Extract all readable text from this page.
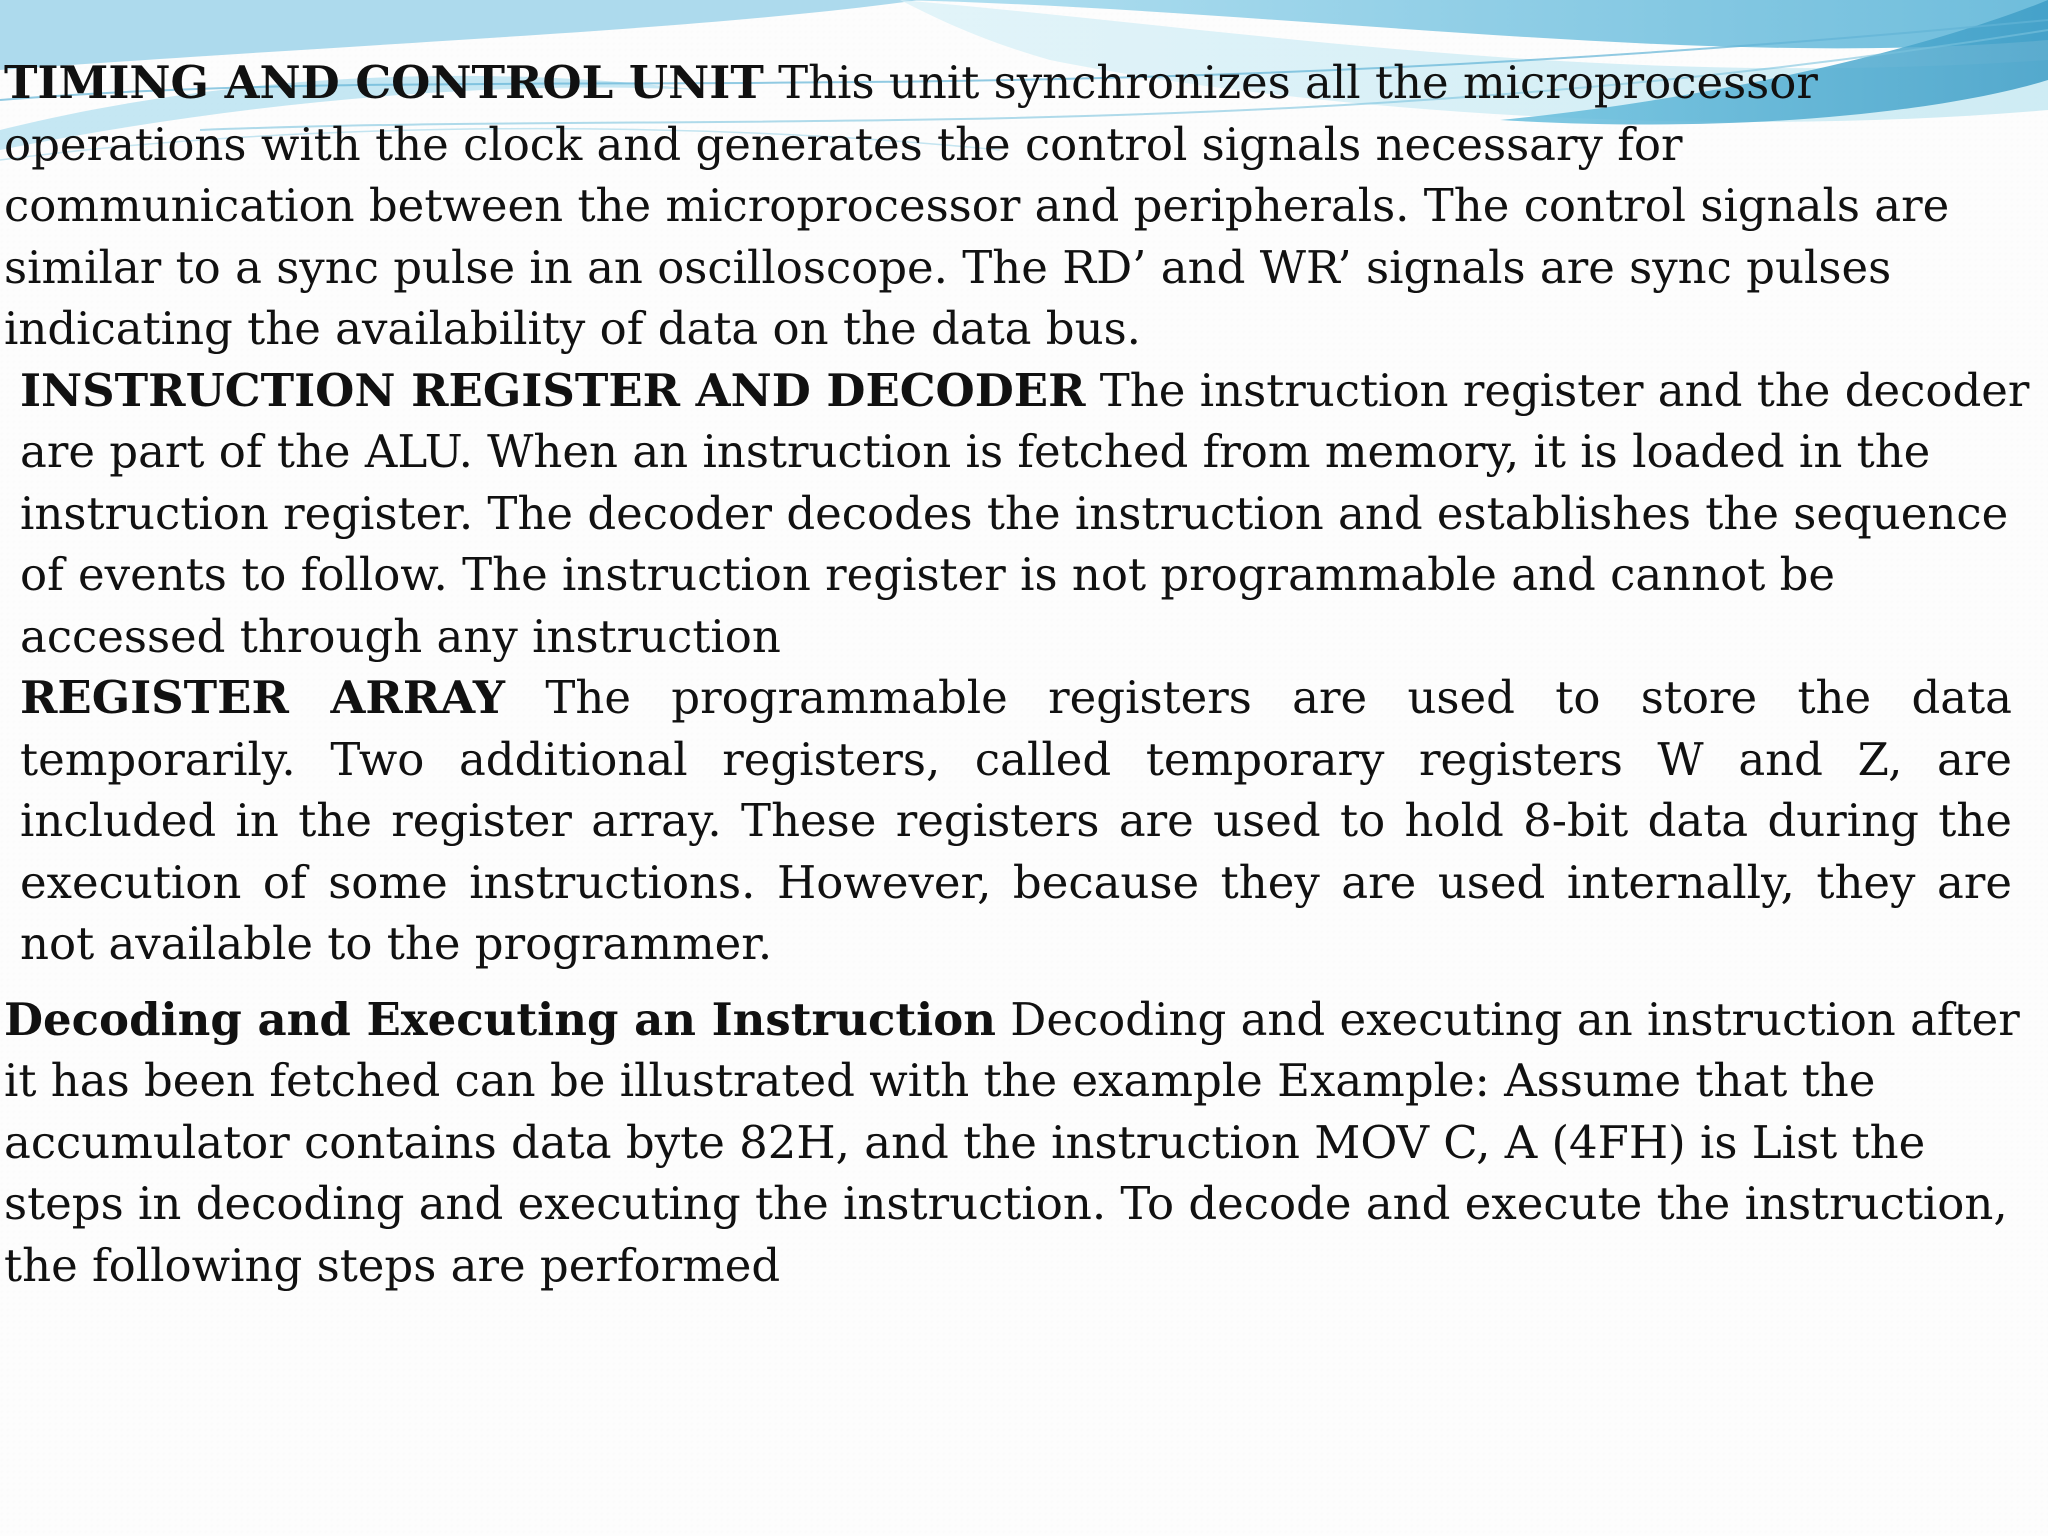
TIMING AND CONTROL UNIT This unit synchronizes all the microprocessor operations with the clock and generates the control signals necessary for communication between the microprocessor and peripherals. The control signals are similar to a sync pulse in an oscilloscope. The RD’ and WR’ signals are sync pulses indicating the availability of data on the data bus.

INSTRUCTION REGISTER AND DECODER The instruction register and the decoder are part of the ALU. When an instruction is fetched from memory, it is loaded in the instruction register. The decoder decodes the instruction and establishes the sequence of events to follow. The instruction register is not programmable and cannot be accessed through any instruction

REGISTER ARRAY The programmable registers are used to store the data temporarily. Two additional registers, called temporary registers W and Z, are included in the register array. These registers are used to hold 8-bit data during the execution of some instructions. However, because they are used internally, they are not available to the programmer.

Decoding and Executing an Instruction Decoding and executing an instruction after it has been fetched can be illustrated with the example Example: Assume that the accumulator contains data byte 82H, and the instruction MOV C, A (4FH) is List the steps in decoding and executing the instruction. To decode and execute the instruction, the following steps are performed
